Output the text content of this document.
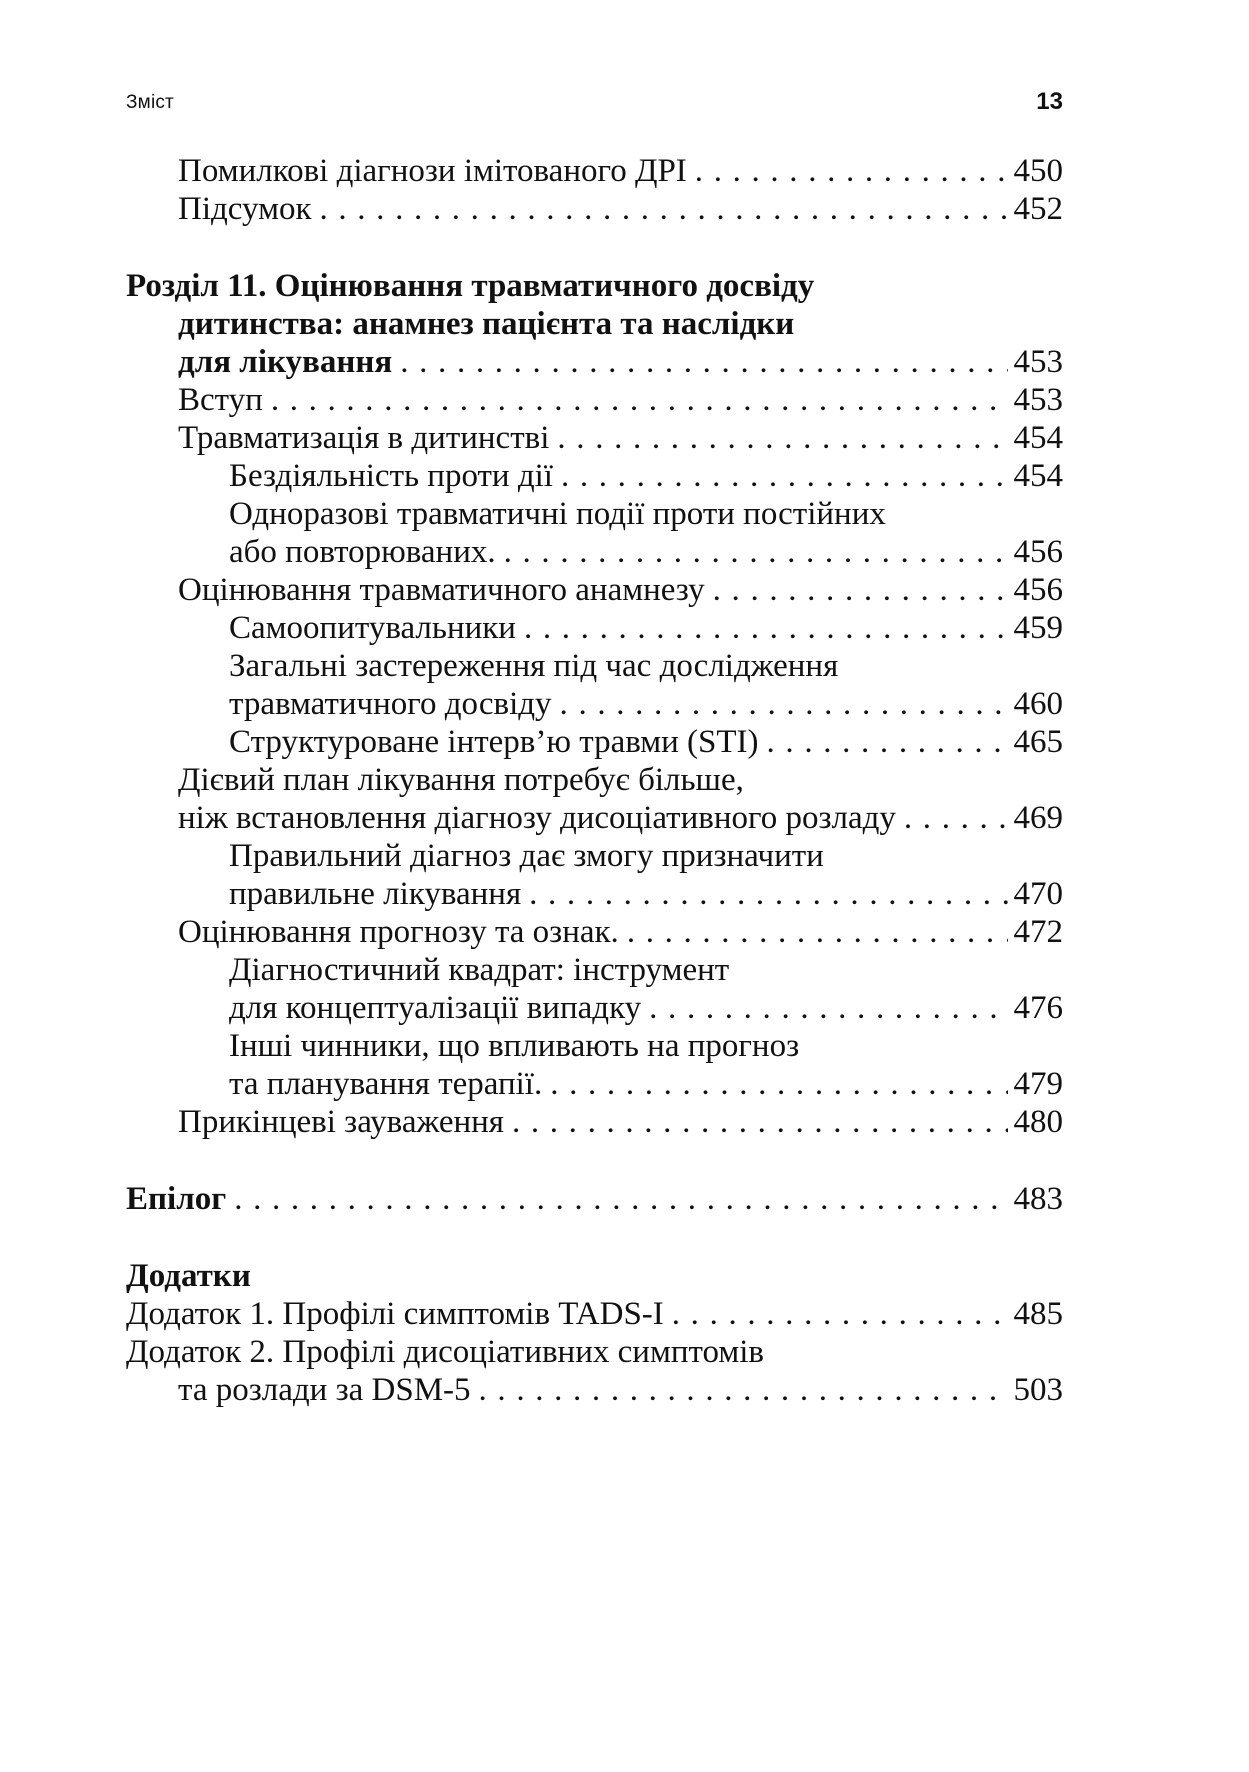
Зміст	13
Помилкові діагнози імітованого ДРІ . . .	450
Підсумок . . .	452
Розділ 11. Оцінювання травматичного досвіду
дитинства: анамнез пацієнта та наслідки
для лікування . . .	453
Вступ . . .	453
Травматизація в дитинстві . . .	454
Бездіяльність проти дії . . .	454
Одноразові травматичні події проти постійних
або повторюваних. . . .	456
Оцінювання травматичного анамнезу . . .	456
Самоопитувальники . . .	459
Загальні застереження під час дослідження
травматичного досвіду . . .	460
Структуроване інтерв’ю травми (STI) . . .	465
Дієвий план лікування потребує більше,
ніж встановлення діагнозу дисоціативного розладу . . .	469
Правильний діагноз дає змогу призначити
правильне лікування . . .	470
Оцінювання прогнозу та ознак. . . .	472
Діагностичний квадрат: інструмент
для концептуалізації випадку . . .	476
Інші чинники, що впливають на прогноз
та планування терапії. . . .	479
Прикінцеві зауваження . . .	480
Епілог . . .	483
Додатки
Додаток 1. Профілі симптомів TADS-I . . .	485
Додаток 2. Профілі дисоціативних симптомів
та розлади за DSM-5 . . .	503
